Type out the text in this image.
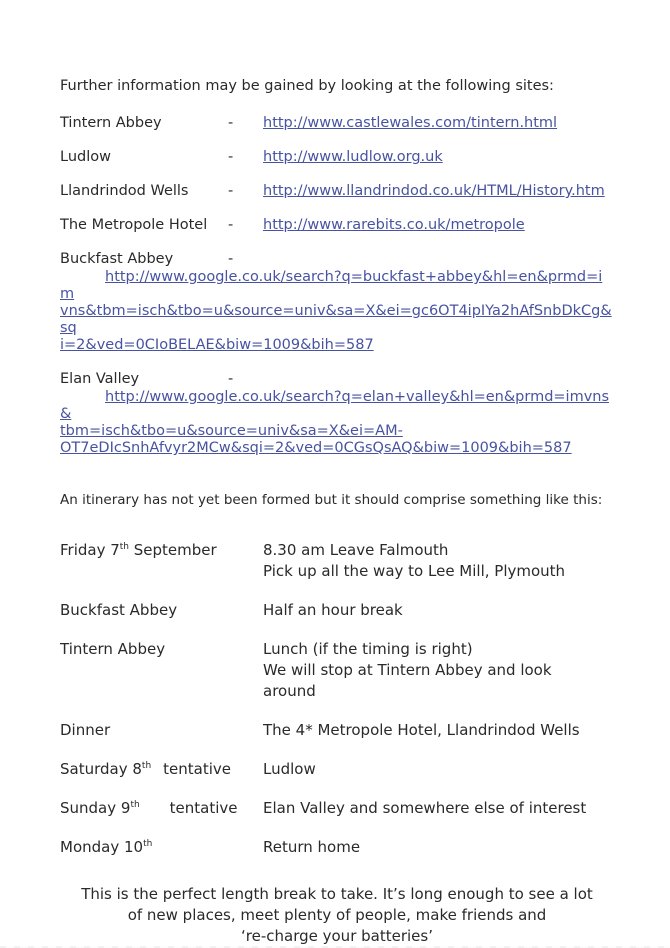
Further information may be gained by looking at the following sites:

Tintern Abbey	-	http://www.castlewales.com/tintern.html
Ludlow	-	http://www.ludlow.org.uk
Llandrindod Wells	-	http://www.llandrindod.co.uk/HTML/History.htm
The Metropole Hotel	-	http://www.rarebits.co.uk/metropole
Buckfast Abbey	-
http://www.google.co.uk/search?q=buckfast+abbey&hl=en&prmd=im
vns&tbm=isch&tbo=u&source=univ&sa=X&ei=gc6OT4ipIYa2hAfSnbDkCg&sq
i=2&ved=0CIoBELAE&biw=1009&bih=587
Elan Valley	-
http://www.google.co.uk/search?q=elan+valley&hl=en&prmd=imvns&
tbm=isch&tbo=u&source=univ&sa=X&ei=AM-
OT7eDIcSnhAfvyr2MCw&sqi=2&ved=0CGsQsAQ&biw=1009&bih=587

An itinerary has not yet been formed but it should comprise something like this:

Friday 7th September	8.30 am Leave Falmouth
Pick up all the way to Lee Mill, Plymouth
Buckfast Abbey	Half an hour break
Tintern Abbey	Lunch (if the timing is right)
We will stop at Tintern Abbey and look
around
Dinner	The 4* Metropole Hotel, Llandrindod Wells
Saturday 8th tentative	Ludlow
Sunday 9th tentative	Elan Valley and somewhere else of interest
Monday 10th	Return home

This is the perfect length break to take. It’s long enough to see a lot
of new places, meet plenty of people, make friends and
‘re-charge your batteries’
